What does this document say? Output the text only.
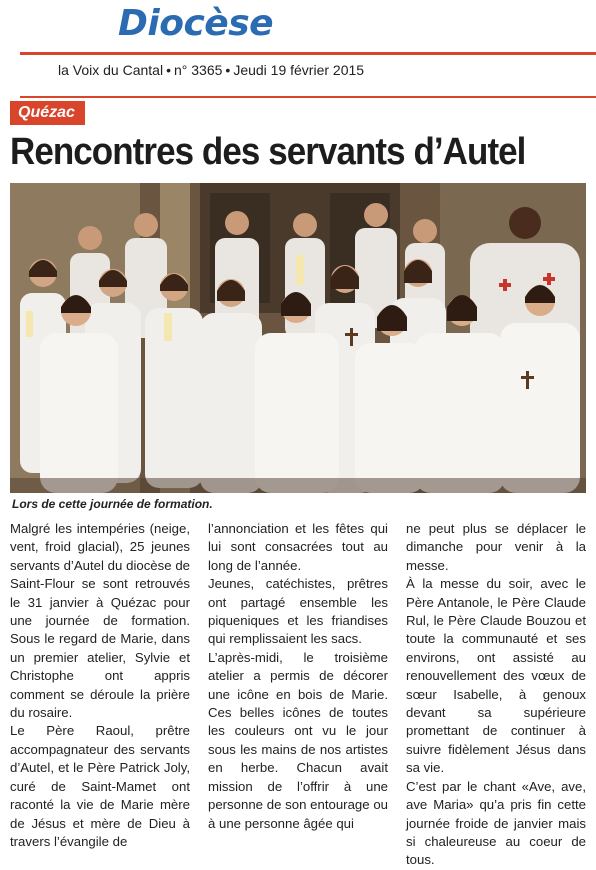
Diocèse
la Voix du Cantal • n° 3365 • Jeudi 19 février 2015
Quézac
Rencontres des servants d’Autel
Lors de cette journée de formation.
Malgré les intempéries (neige, vent, froid glacial), 25 jeunes servants d’Autel du diocèse de Saint-Flour se sont retrouvés le 31 janvier à Quézac pour une journée de formation. Sous le regard de Marie, dans un premier atelier, Sylvie et Christophe ont appris comment se déroule la prière du rosaire.
Le Père Raoul, prêtre accompagnateur des servants d’Autel, et le Père Patrick Joly, curé de Saint-Mamet ont raconté la vie de Marie mère de Jésus et mère de Dieu à travers l’évangile de
l’annonciation et les fêtes qui lui sont consacrées tout au long de l’année.
Jeunes, catéchistes, prêtres ont partagé ensemble les piqueniques et les friandises qui remplissaient les sacs.
L’après-midi, le troisième atelier a permis de décorer une icône en bois de Marie. Ces belles icônes de toutes les couleurs ont vu le jour sous les mains de nos artistes en herbe. Chacun avait mission de l’offrir à une personne de son entourage ou à une personne âgée qui
ne peut plus se déplacer le dimanche pour venir à la messe.
À la messe du soir, avec le Père Antanole, le Père Claude Rul, le Père Claude Bouzou et toute la communauté et ses environs, ont assisté au renouvellement des vœux de sœur Isabelle, à genoux devant sa supérieure promettant de continuer à suivre fidèlement Jésus dans sa vie.
C’est par le chant «Ave, ave, ave Maria» qu’a pris fin cette journée froide de janvier mais si chaleureuse au coeur de tous.
